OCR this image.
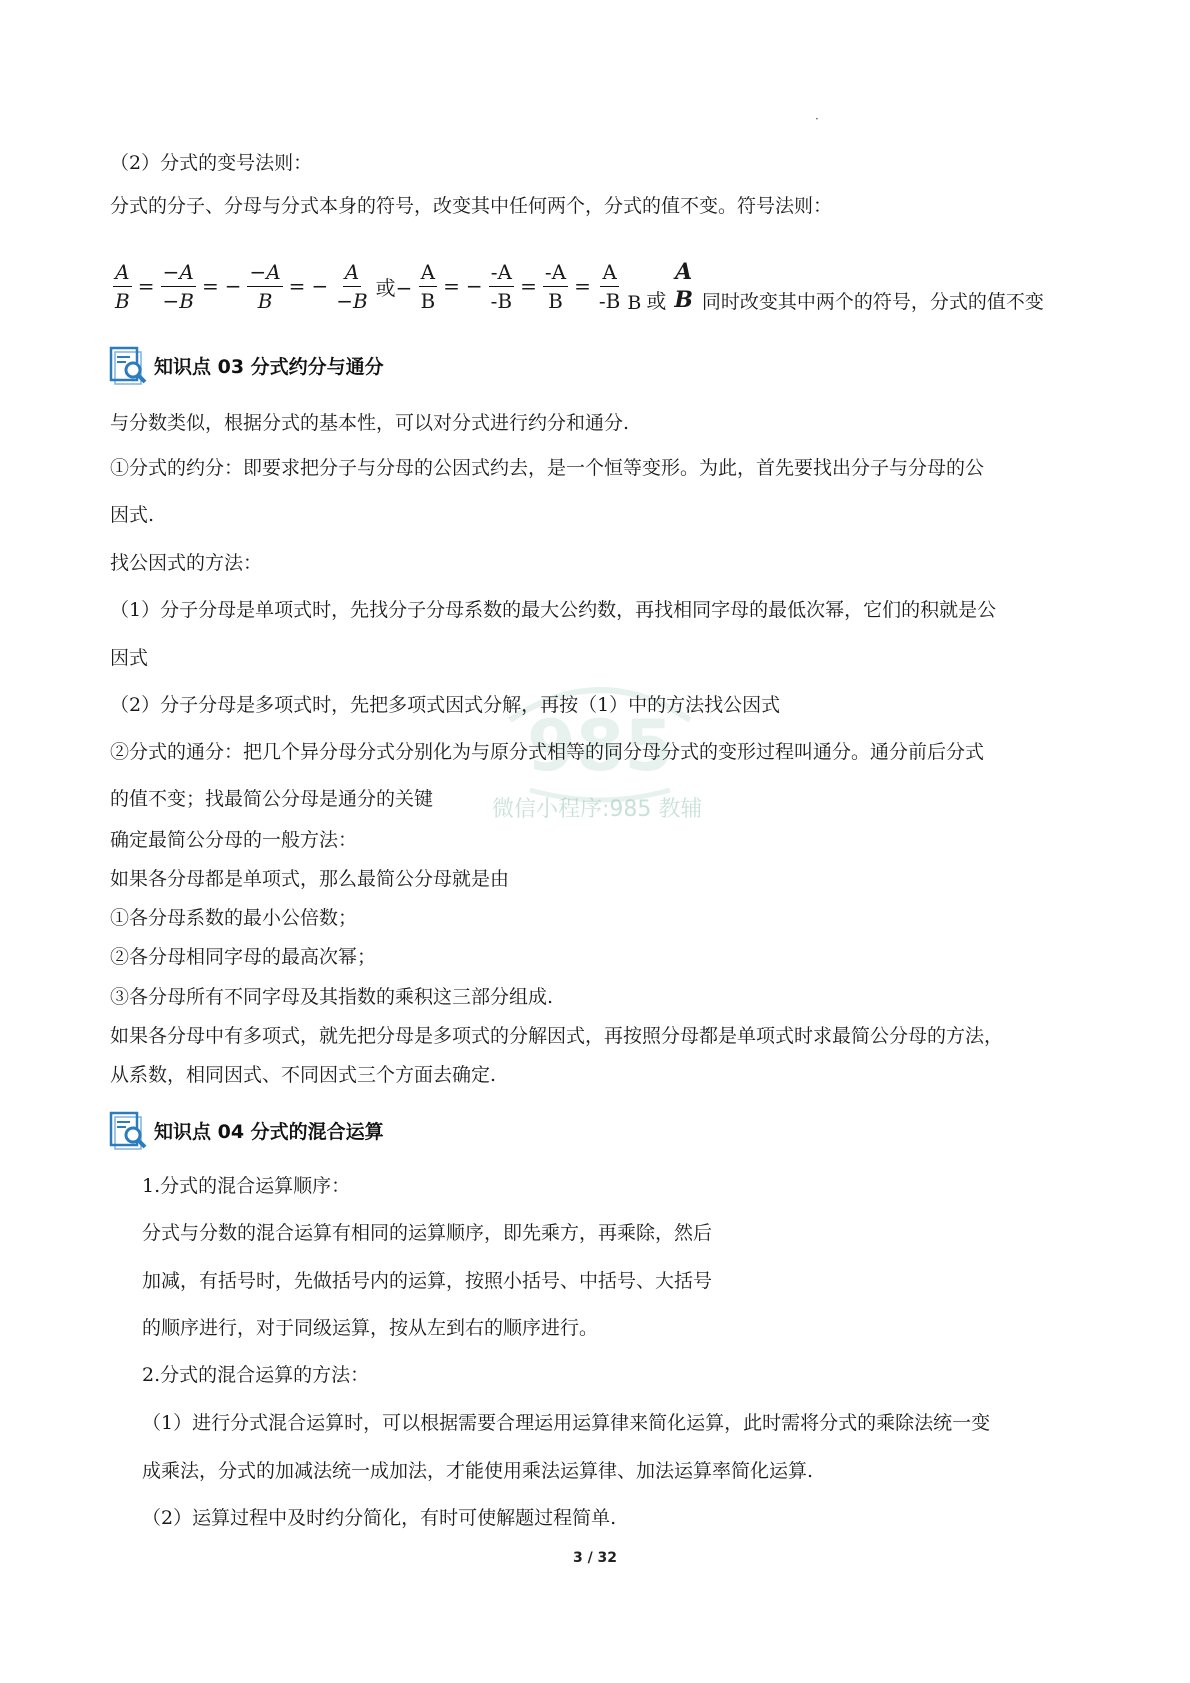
·
（2）分式的变号法则：
分式的分子、分母与分式本身的符号，改变其中任何两个，分式的值不变。符号法则：
$\frac{A}{B} = \frac{-A}{-B}$ = − $\frac{-A}{B}$ = − $\frac{A}{-B}$ 或− $\frac{A}{B}$ = − $\frac{-A}{-B} = \frac{-A}{B} = \frac{A}{-B}$ B 或
A
B 同时改变其中两个的符号，分式的值不变
知识点 03 分式约分与通分
与分数类似，根据分式的基本性，可以对分式进行约分和通分.
①分式的约分：即要求把分子与分母的公因式约去，是一个恒等变形。为此，首先要找出分子与分母的公
因式.
找公因式的方法：
（1）分子分母是单项式时，先找分子分母系数的最大公约数，再找相同字母的最低次幂，它们的积就是公
因式
985
（2）分子分母是多项式时，先把多项式因式分解，再按（1）中的方法找公因式
②分式的通分：把几个异分母分式分别化为与原分式相等的同分母分式的变形过程叫通分。通分前后分式
的值不变；找最简公分母是通分的关键	微信小程序:985 教辅
确定最简公分母的一般方法：
如果各分母都是单项式，那么最简公分母就是由
①各分母系数的最小公倍数；
②各分母相同字母的最高次幂；
③各分母所有不同字母及其指数的乘积这三部分组成.
如果各分母中有多项式，就先把分母是多项式的分解因式，再按照分母都是单项式时求最简公分母的方法，
从系数，相同因式、不同因式三个方面去确定.
知识点 04 分式的混合运算
1.分式的混合运算顺序：
分式与分数的混合运算有相同的运算顺序，即先乘方，再乘除，然后
加减，有括号时，先做括号内的运算，按照小括号、中括号、大括号
的顺序进行，对于同级运算，按从左到右的顺序进行。
2.分式的混合运算的方法：
（1）进行分式混合运算时，可以根据需要合理运用运算律来简化运算，此时需将分式的乘除法统一变
成乘法，分式的加减法统一成加法，才能使用乘法运算律、加法运算率简化运算.
（2）运算过程中及时约分简化，有时可使解题过程简单.
3 / 32
